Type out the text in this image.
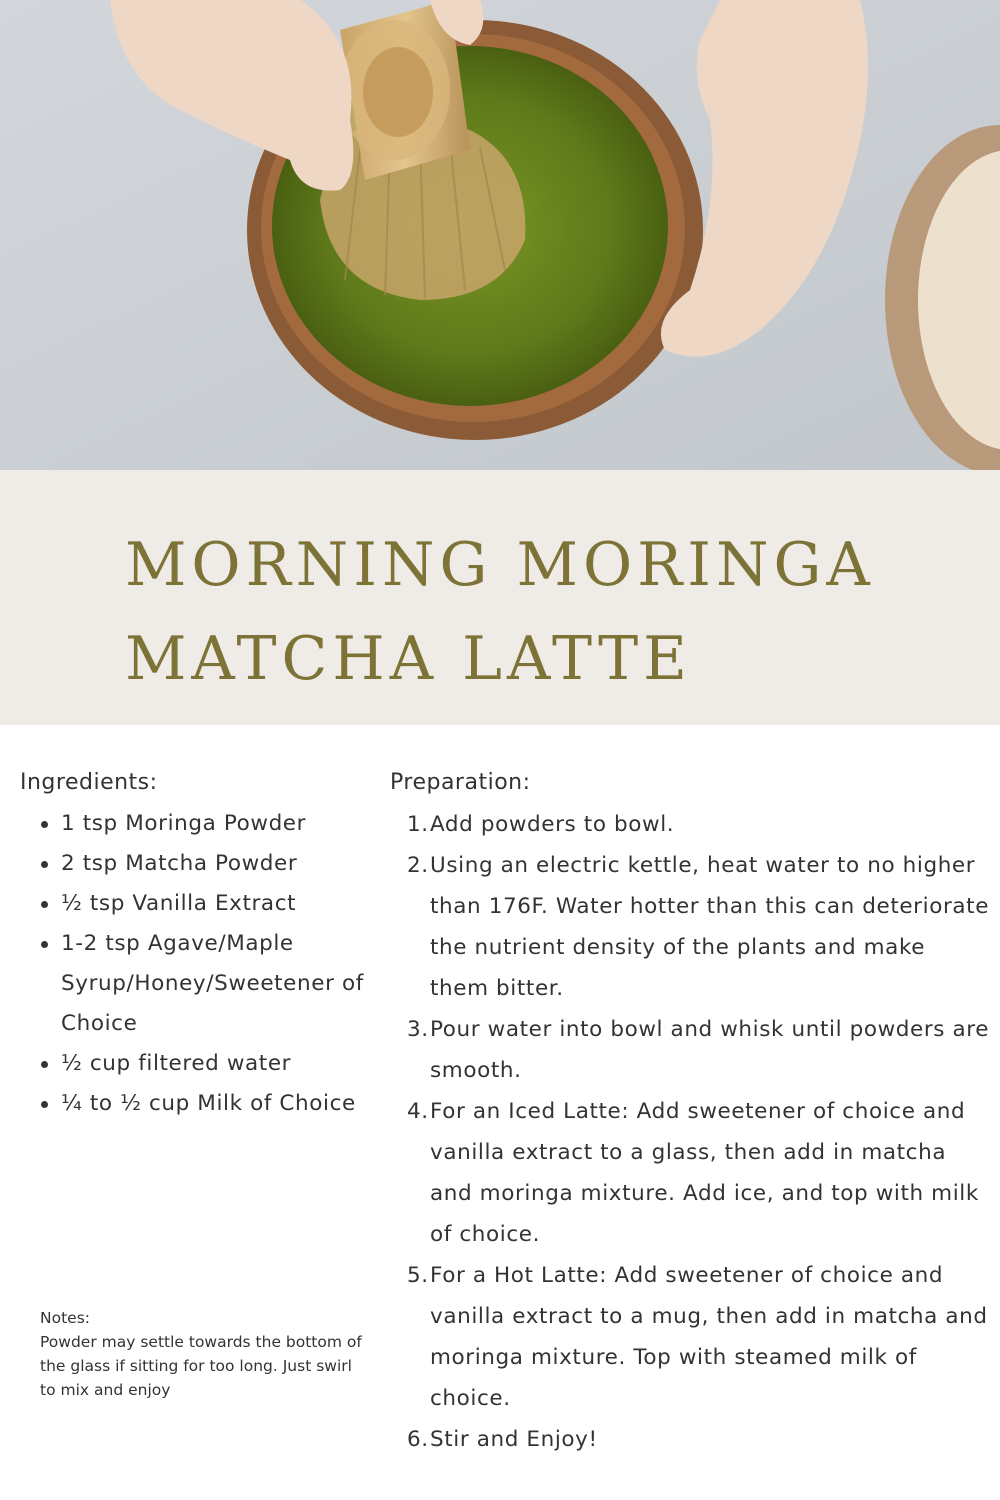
MORNING MORINGA
MATCHA LATTE
Ingredients:
1 tsp Moringa Powder
2 tsp Matcha Powder
½ tsp Vanilla Extract
1-2 tsp Agave/Maple Syrup/Honey/Sweetener of Choice
½ cup filtered water
¼ to ½ cup Milk of Choice
Preparation:
1. Add powders to bowl.
2. Using an electric kettle, heat water to no higher than 176F. Water hotter than this can deteriorate the nutrient density of the plants and make them bitter.
3. Pour water into bowl and whisk until powders are smooth.
4. For an Iced Latte: Add sweetener of choice and vanilla extract to a glass, then add in matcha and moringa mixture. Add ice, and top with milk of choice.
5. For a Hot Latte: Add sweetener of choice and vanilla extract to a mug, then add in matcha and moringa mixture. Top with steamed milk of choice.
6. Stir and Enjoy!

Notes:

Powder may settle towards the bottom of the glass if sitting for too long. Just swirl to mix and enjoy
